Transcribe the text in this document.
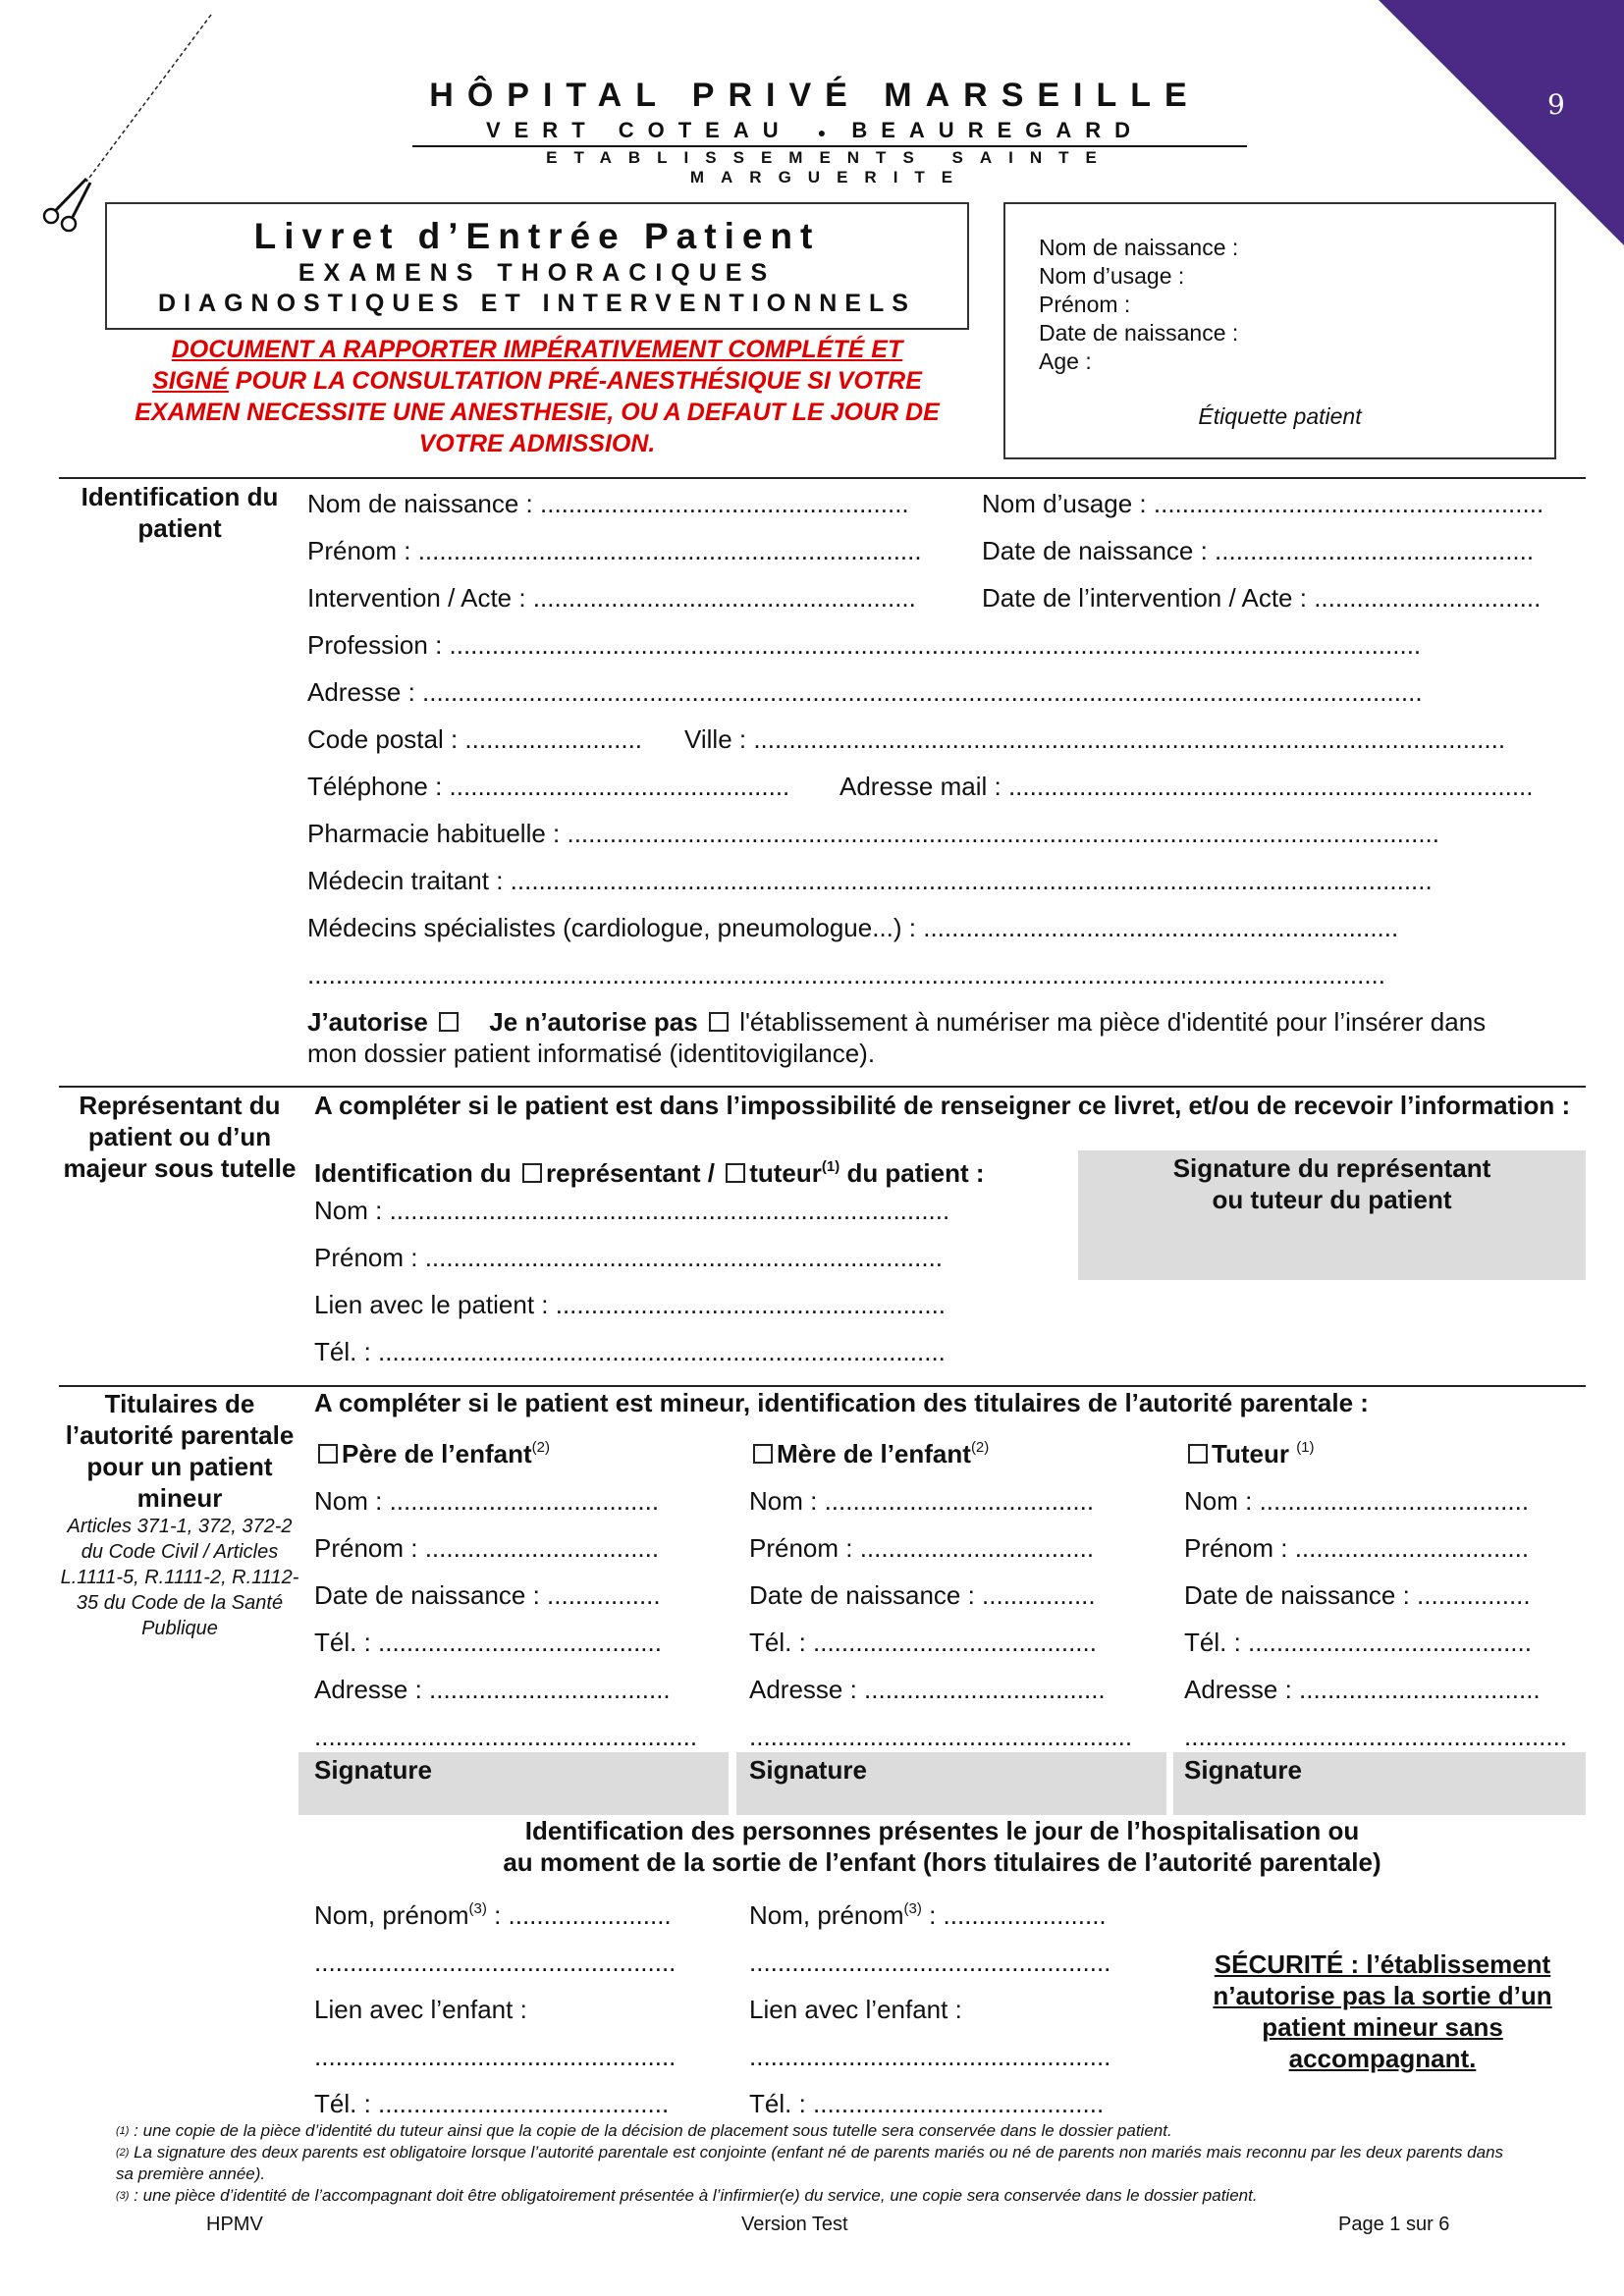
9
HÔPITAL PRIVÉ MARSEILLE
VERT COTEAU ● BEAUREGARD
ETABLISSEMENTS SAINTE MARGUERITE
Livret d’Entrée Patient
EXAMENS THORACIQUES
DIAGNOSTIQUES ET INTERVENTIONNELS
DOCUMENT A RAPPORTER IMPÉRATIVEMENT COMPLÉTÉ ET
SIGNÉ POUR LA CONSULTATION PRÉ-ANESTHÉSIQUE SI VOTRE EXAMEN NECESSITE UNE ANESTHESIE, OU A DEFAUT LE JOUR DE VOTRE ADMISSION.
Nom de naissance :
Nom d’usage :
Prénom :
Date de naissance :
Age :
Étiquette patient
Identification du patient
Nom de naissance : ....................................................	Nom d’usage : .......................................................
Prénom : ....................................................................... Date de naissance : .............................................
Intervention / Acte : ......................................................	Date de l’intervention / Acte : ................................
Profession : .........................................................................................................................................
Adresse : .............................................................................................................................................
Code postal : ......................... Ville : ..........................................................................................................
Téléphone : ................................................ Adresse mail : ..........................................................................
Pharmacie habituelle : ...........................................................................................................................
Médecin traitant : ..................................................................................................................................
Médecins spécialistes (cardiologue, pneumologue...) : ...................................................................
........................................................................................................................................................
J’autorise Je n’autorise pas l'établissement à numériser ma pièce d'identité pour l’insérer dans
mon dossier patient informatisé (identitovigilance).
Représentant du patient ou d’un majeur sous tutelle
A compléter si le patient est dans l’impossibilité de renseigner ce livret, et/ou de recevoir l’information :
Identification du représentant / tuteur$^{(1)}$ du patient :
Nom : ...............................................................................
Prénom : .........................................................................
Lien avec le patient : .......................................................
Tél. : ................................................................................
Signature du représentant ou tuteur du patient
Titulaires de l’autorité parentale pour un patient mineur
Articles 371-1, 372, 372-2 du Code Civil / Articles L.1111-5, R.1111-2, R.1112-35 du Code de la Santé Publique
A compléter si le patient est mineur, identification des titulaires de l’autorité parentale :
Père de l’enfant$^{(2)}$
Nom : ......................................
Prénom : .................................
Date de naissance : ................
Tél. : ........................................
Adresse : ..................................
......................................................
Signature
Mère de l’enfant$^{(2)}$
Nom : ......................................
Prénom : .................................
Date de naissance : ................
Tél. : ........................................
Adresse : ..................................
......................................................
Signature
Tuteur $^{(1)}$
Nom : ......................................
Prénom : .................................
Date de naissance : ................
Tél. : ........................................
Adresse : ..................................
......................................................
Signature
Identification des personnes présentes le jour de l’hospitalisation ou
au moment de la sortie de l’enfant (hors titulaires de l’autorité parentale)
Nom, prénom$^{(3)}$ : .......................
...................................................
Lien avec l’enfant :
...................................................
Tél. : .........................................
Nom, prénom$^{(3)}$ : .......................
...................................................
Lien avec l’enfant :
...................................................
Tél. : .........................................
SÉCURITÉ : l’établissement n’autorise pas la sortie d’un patient mineur sans accompagnant.
$^{(1)}$ : une copie de la pièce d’identité du tuteur ainsi que la copie de la décision de placement sous tutelle sera conservée dans le dossier patient.
$^{(2)}$ La signature des deux parents est obligatoire lorsque l’autorité parentale est conjointe (enfant né de parents mariés ou né de parents non mariés mais reconnu par les deux parents dans sa première année).
$^{(3)}$ : une pièce d’identité de l’accompagnant doit être obligatoirement présentée à l’infirmier(e) du service, une copie sera conservée dans le dossier patient.
HPMV	Version Test	Page 1 sur 6
